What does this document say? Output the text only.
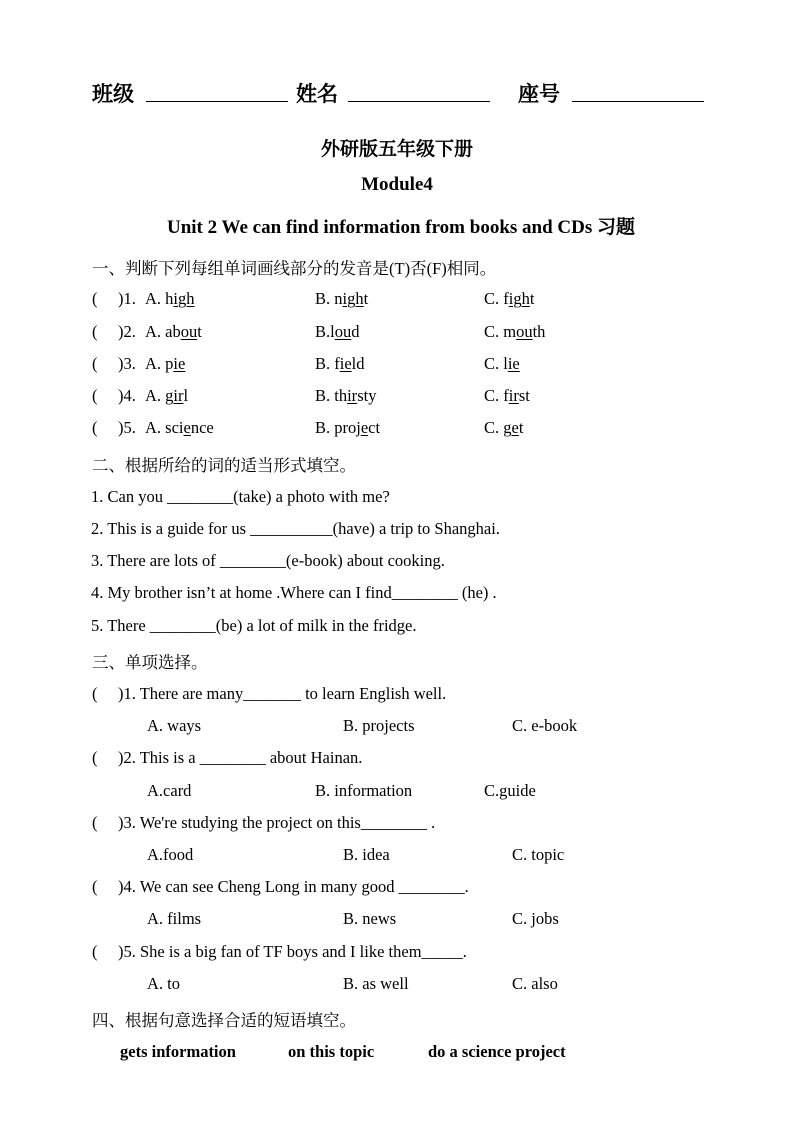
班级	姓名	座号
外研版五年级下册
Module4
Unit 2 We can find information from books and CDs 习题
一、判断下列每组单词画线部分的发音是(T)否(F)相同。
( )1. A. high	B. night	C. fight
( )2. A. about	B.loud	C. mouth
( )3. A. pie	B. field	C. lie
( )4. A. girl	B. thirsty	C. first
( )5. A. science	B. project	C. get
二、根据所给的词的适当形式填空。
1. Can you ________(take) a photo with me?
2. This is a guide for us __________(have) a trip to Shanghai.
3. There are lots of ________(e-book) about cooking.
4. My brother isn’t at home .Where can I find________ (he) .
5. There ________(be) a lot of milk in the fridge.
三、单项选择。
( )1. There are many_______ to learn English well.
A. ways	B. projects	C. e-book
( )2. This is a ________ about Hainan.
A.card	B. information	C.guide
( )3. We're studying the project on this________ .
A.food	B. idea	C. topic
( )4. We can see Cheng Long in many good ________.
A. films	B. news	C. jobs
( )5. She is a big fan of TF boys and I like them_____.
A. to	B. as well	C. also
四、根据句意选择合适的短语填空。
gets information	on this topic	do a science project
